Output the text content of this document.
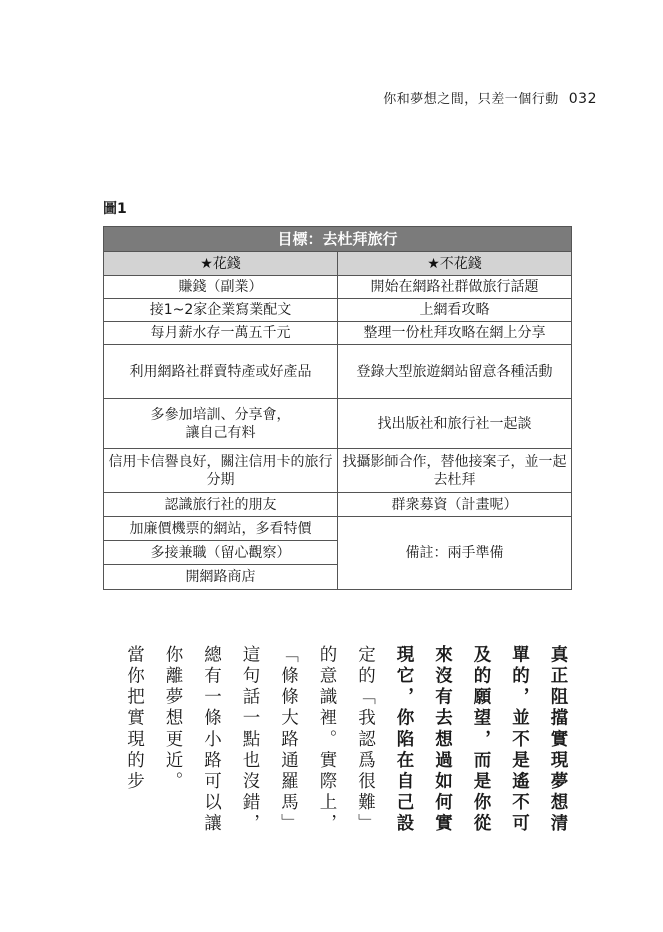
你和夢想之間，只差一個行動 032
圖1
目標：去杜拜旅行	
★花錢	★不花錢
賺錢（副業）	開始在網路社群做旅行話題
接1~2家企業寫業配文	上網看攻略
每月薪水存一萬五千元	整理一份杜拜攻略在網上分享
利用網路社群賣特產或好產品	登錄大型旅遊網站留意各種活動
多參加培訓、分享會，
讓自己有料	找出版社和旅行社一起談
信用卡信譽良好，關注信用卡的旅行分期	找攝影師合作，替他接案子，並一起去杜拜
認識旅行社的朋友	群衆募資（計畫呢）
加廉價機票的網站，多看特價	備註：兩手準備
多接兼職（留心觀察）	
開網路商店	

真正阻擋實現夢想清

單的，並不是遙不可

及的願望，而是你從

來沒有去想過如何實

現它，你陷在自己設

定的「我認爲很難」

的意識裡。實際上，

「條條大路通羅馬」

這句話一點也沒錯，

總有一條小路可以讓

你離夢想更近。

當你把實現的步
